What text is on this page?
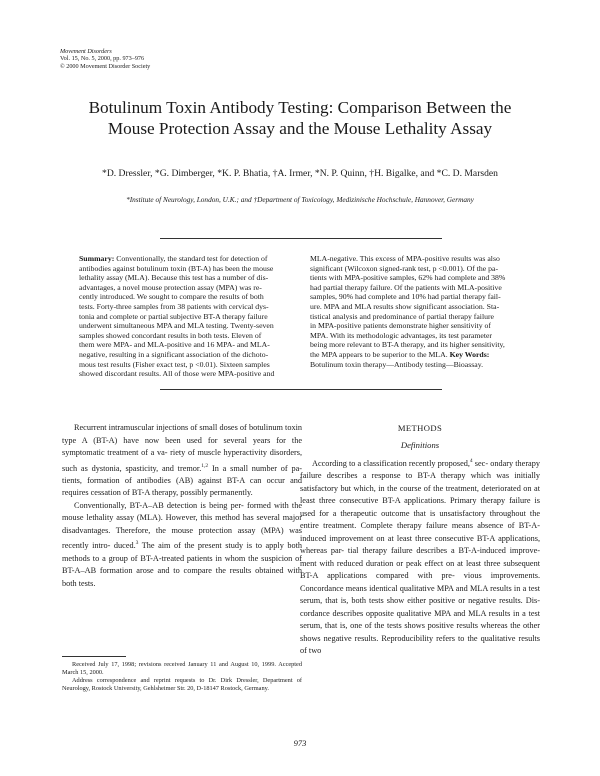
Movement Disorders
Vol. 15, No. 5, 2000, pp. 973–976
© 2000 Movement Disorder Society
Botulinum Toxin Antibody Testing: Comparison Between the
Mouse Protection Assay and the Mouse Lethality Assay
*D. Dressler, *G. Dimberger, *K. P. Bhatia, †A. Irmer, *N. P. Quinn, †H. Bigalke, and *C. D. Marsden
*Institute of Neurology, London, U.K.; and †Department of Toxicology, Medizinische Hochschule, Hannover, Germany
Summary: Conventionally, the standard test for detection of
antibodies against botulinum toxin (BT-A) has been the mouse
lethality assay (MLA). Because this test has a number of dis-
advantages, a novel mouse protection assay (MPA) was re-
cently introduced. We sought to compare the results of both
tests. Forty-three samples from 38 patients with cervical dys-
tonia and complete or partial subjective BT-A therapy failure
underwent simultaneous MPA and MLA testing. Twenty-seven
samples showed concordant results in both tests. Eleven of
them were MPA- and MLA-positive and 16 MPA- and MLA-
negative, resulting in a significant association of the dichoto-
mous test results (Fisher exact test, p <0.01). Sixteen samples
showed discordant results. All of those were MPA-positive and
MLA-negative. This excess of MPA-positive results was also
significant (Wilcoxon signed-rank test, p <0.001). Of the pa-
tients with MPA-positive samples, 62% had complete and 38%
had partial therapy failure. Of the patients with MLA-positive
samples, 90% had complete and 10% had partial therapy fail-
ure. MPA and MLA results show significant association. Sta-
tistical analysis and predominance of partial therapy failure
in MPA-positive patients demonstrate higher sensitivity of
MPA. With its methodologic advantages, its test parameter
being more relevant to BT-A therapy, and its higher sensitivity,
the MPA appears to be superior to the MLA. Key Words:
Botulinum toxin therapy—Antibody testing—Bioassay.

Recurrent intramuscular injections of small doses of botulinum toxin type A (BT-A) have now been used for several years for the symptomatic treatment of a va- riety of muscle hyperactivity disorders, such as dystonia, spasticity, and tremor.$^{1,2}$ In a small number of pa- tients, formation of antibodies (AB) against BT-A can occur and requires cessation of BT-A therapy, possibly permanently.

Conventionally, BT-A–AB detection is being per- formed with the mouse lethality assay (MLA). However, this method has several major disadvantages. Therefore, the mouse protection assay (MPA) was recently intro- duced.$^3$ The aim of the present study is to apply both methods to a group of BT-A-treated patients in whom the suspicion of BT-A–AB formation arose and to compare the results obtained with both tests.

METHODS

Definitions

According to a classification recently proposed,$^4$ sec- ondary therapy failure describes a response to BT-A therapy which was initially satisfactory but which, in the course of the treatment, deteriorated on at least three consecutive BT-A applications. Primary therapy failure is used for a therapeutic outcome that is unsatisfactory throughout the entire treatment. Complete therapy failure means absence of BT-A-induced improvement on at least three consecutive BT-A applications, whereas par- tial therapy failure describes a BT-A-induced improve- ment with reduced duration or peak effect on at least three subsequent BT-A applications compared with pre- vious improvements. Concordance means identical qualitative MPA and MLA results in a test serum, that is, both tests show either positive or negative results. Dis- cordance describes opposite qualitative MPA and MLA results in a test serum, that is, one of the tests shows positive results whereas the other shows negative results. Reproducibility refers to the qualitative results of two

Received July 17, 1998; revisions received January 11 and August 10, 1999. Accepted March 15, 2000.

Address correspondence and reprint requests to Dr. Dirk Dressler, Department of Neurology, Rostock University, Gehlsheimer Str. 20, D-18147 Rostock, Germany.

973
